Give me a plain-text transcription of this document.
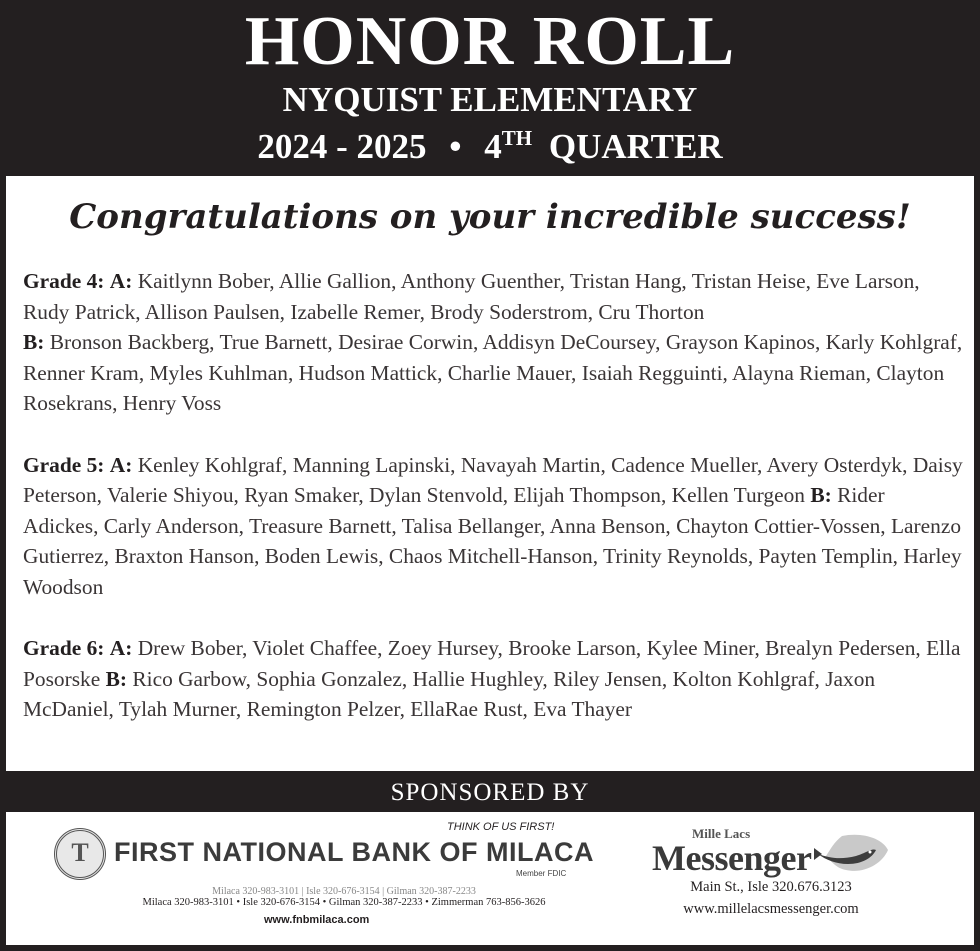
HONOR ROLL
NYQUIST ELEMENTARY
2024 - 2025 • 4TH QUARTER
Congratulations on your incredible success!

Grade 4: A: Kaitlynn Bober, Allie Gallion, Anthony Guenther, Tristan Hang, Tristan Heise, Eve Larson, Rudy Patrick, Allison Paulsen, Izabelle Remer, Brody Soderstrom, Cru Thorton
B: Bronson Backberg, True Barnett, Desirae Corwin, Addisyn DeCoursey, Grayson Kapinos, Karly Kohlgraf, Renner Kram, Myles Kuhlman, Hudson Mattick, Charlie Mauer, Isaiah Regguinti, Alayna Rieman, Clayton Rosekrans, Henry Voss

Grade 5: A: Kenley Kohlgraf, Manning Lapinski, Navayah Martin, Cadence Mueller, Avery Osterdyk, Daisy Peterson, Valerie Shiyou, Ryan Smaker, Dylan Stenvold, Elijah Thompson, Kellen Turgeon B: Rider Adickes, Carly Anderson, Treasure Barnett, Talisa Bellanger, Anna Benson, Chayton Cottier-Vossen, Larenzo Gutierrez, Braxton Hanson, Boden Lewis, Chaos Mitchell-Hanson, Trinity Reynolds, Payten Templin, Harley Woodson

Grade 6: A: Drew Bober, Violet Chaffee, Zoey Hursey, Brooke Larson, Kylee Miner, Brealyn Pedersen, Ella Posorske B: Rico Garbow, Sophia Gonzalez, Hallie Hughley, Riley Jensen, Kolton Kohlgraf, Jaxon McDaniel, Tylah Murner, Remington Pelzer, EllaRae Rust, Eva Thayer

SPONSORED BY
THINK OF US FIRST!
T FIRST NATIONAL BANK OF MILACA
Member FDIC
Milaca 320-983-3101 | Isle 320-676-3154 | Gilman 320-387-2233
Milaca 320-983-3101 • Isle 320-676-3154 • Gilman 320-387-2233 • Zimmerman 763-856-3626
www.fnbmilaca.com
Mille Lacs
Messenger
Main St., Isle 320.676.3123
www.millelacsmessenger.com
